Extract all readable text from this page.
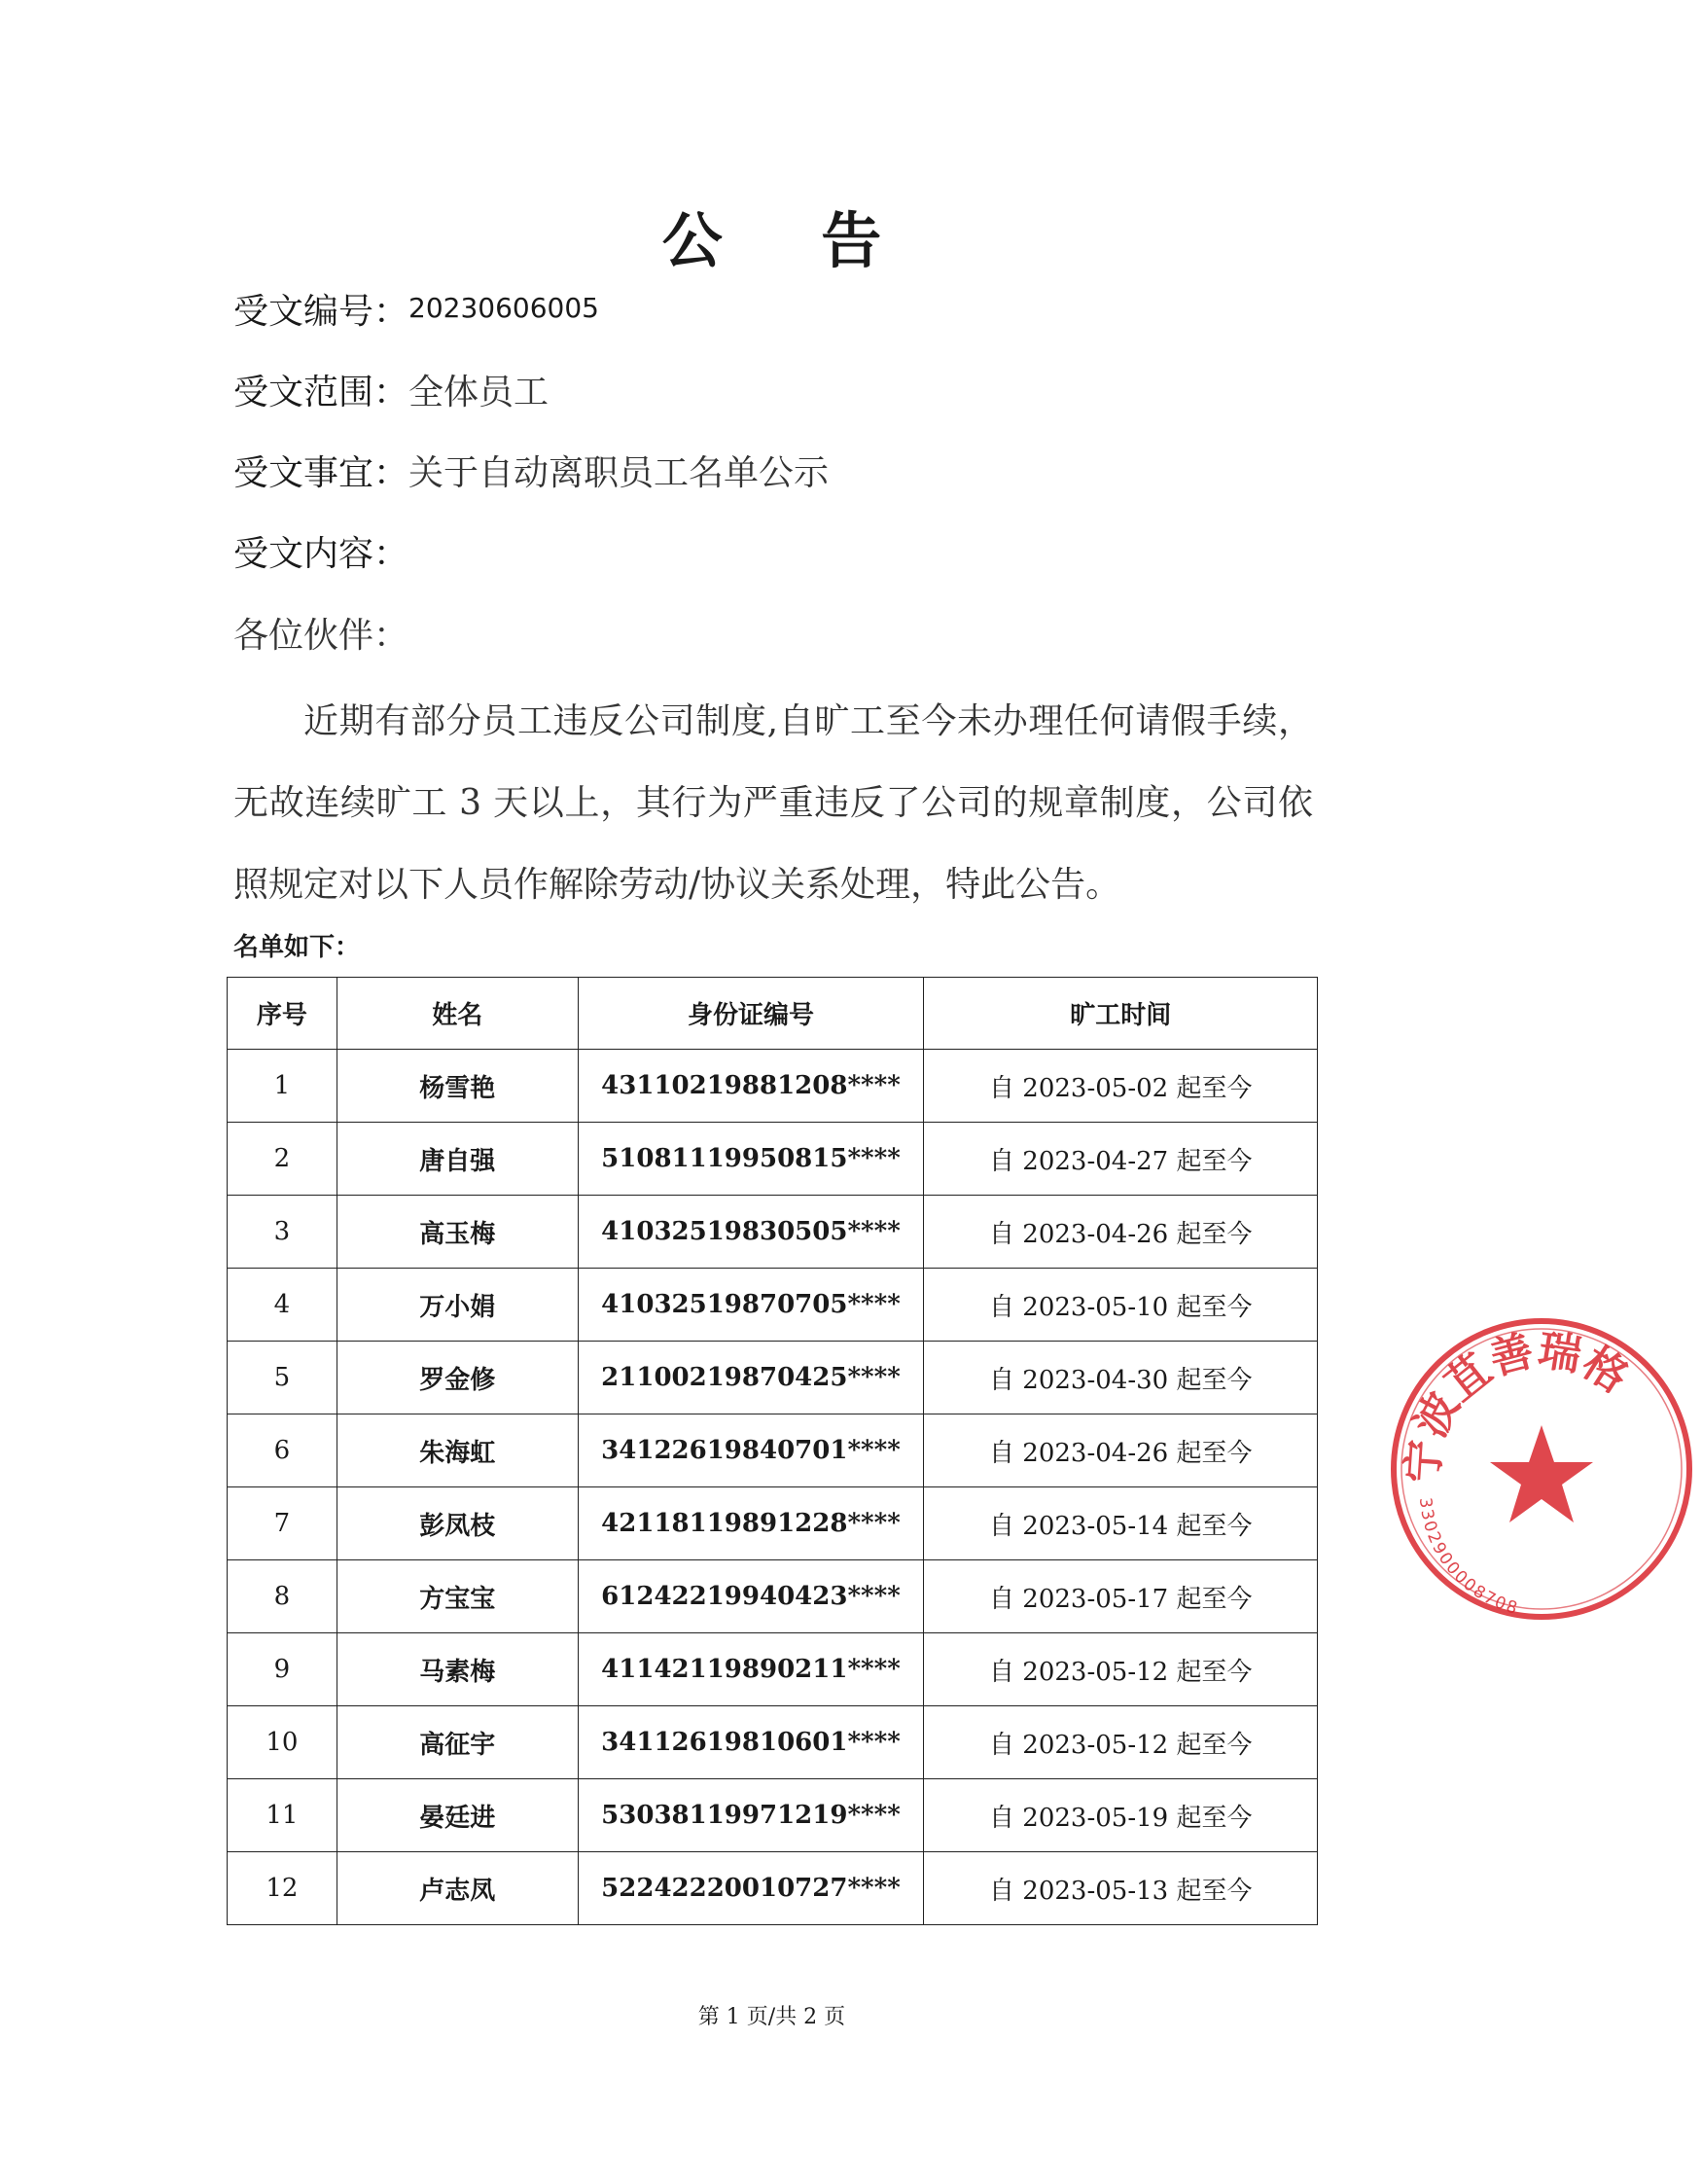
公 告
受文编号：20230606005
受文范围：全体员工
受文事宜：关于自动离职员工名单公示
受文内容：
各位伙伴：
近期有部分员工违反公司制度,自旷工至今未办理任何请假手续，无故连续旷工 3 天以上，其行为严重违反了公司的规章制度，公司依照规定对以下人员作解除劳动/协议关系处理，特此公告。
名单如下：
序号	姓名	身份证编号	旷工时间
1	杨雪艳	43110219881208****	自 2023-05-02 起至今
2	唐自强	51081119950815****	自 2023-04-27 起至今
3	高玉梅	41032519830505****	自 2023-04-26 起至今
4	万小娟	41032519870705****	自 2023-05-10 起至今
5	罗金修	21100219870425****	自 2023-04-30 起至今
6	朱海虹	34122619840701****	自 2023-04-26 起至今
7	彭凤枝	42118119891228****	自 2023-05-14 起至今
8	方宝宝	61242219940423****	自 2023-05-17 起至今
9	马素梅	41142119890211****	自 2023-05-12 起至今
10	高征宇	34112619810601****	自 2023-05-12 起至今
11	晏廷进	53038119971219****	自 2023-05-19 起至今
12	卢志凤	52242220010727****	自 2023-05-13 起至今
第 1 页/共 2 页
宁波苴善瑞格
3302900008708
